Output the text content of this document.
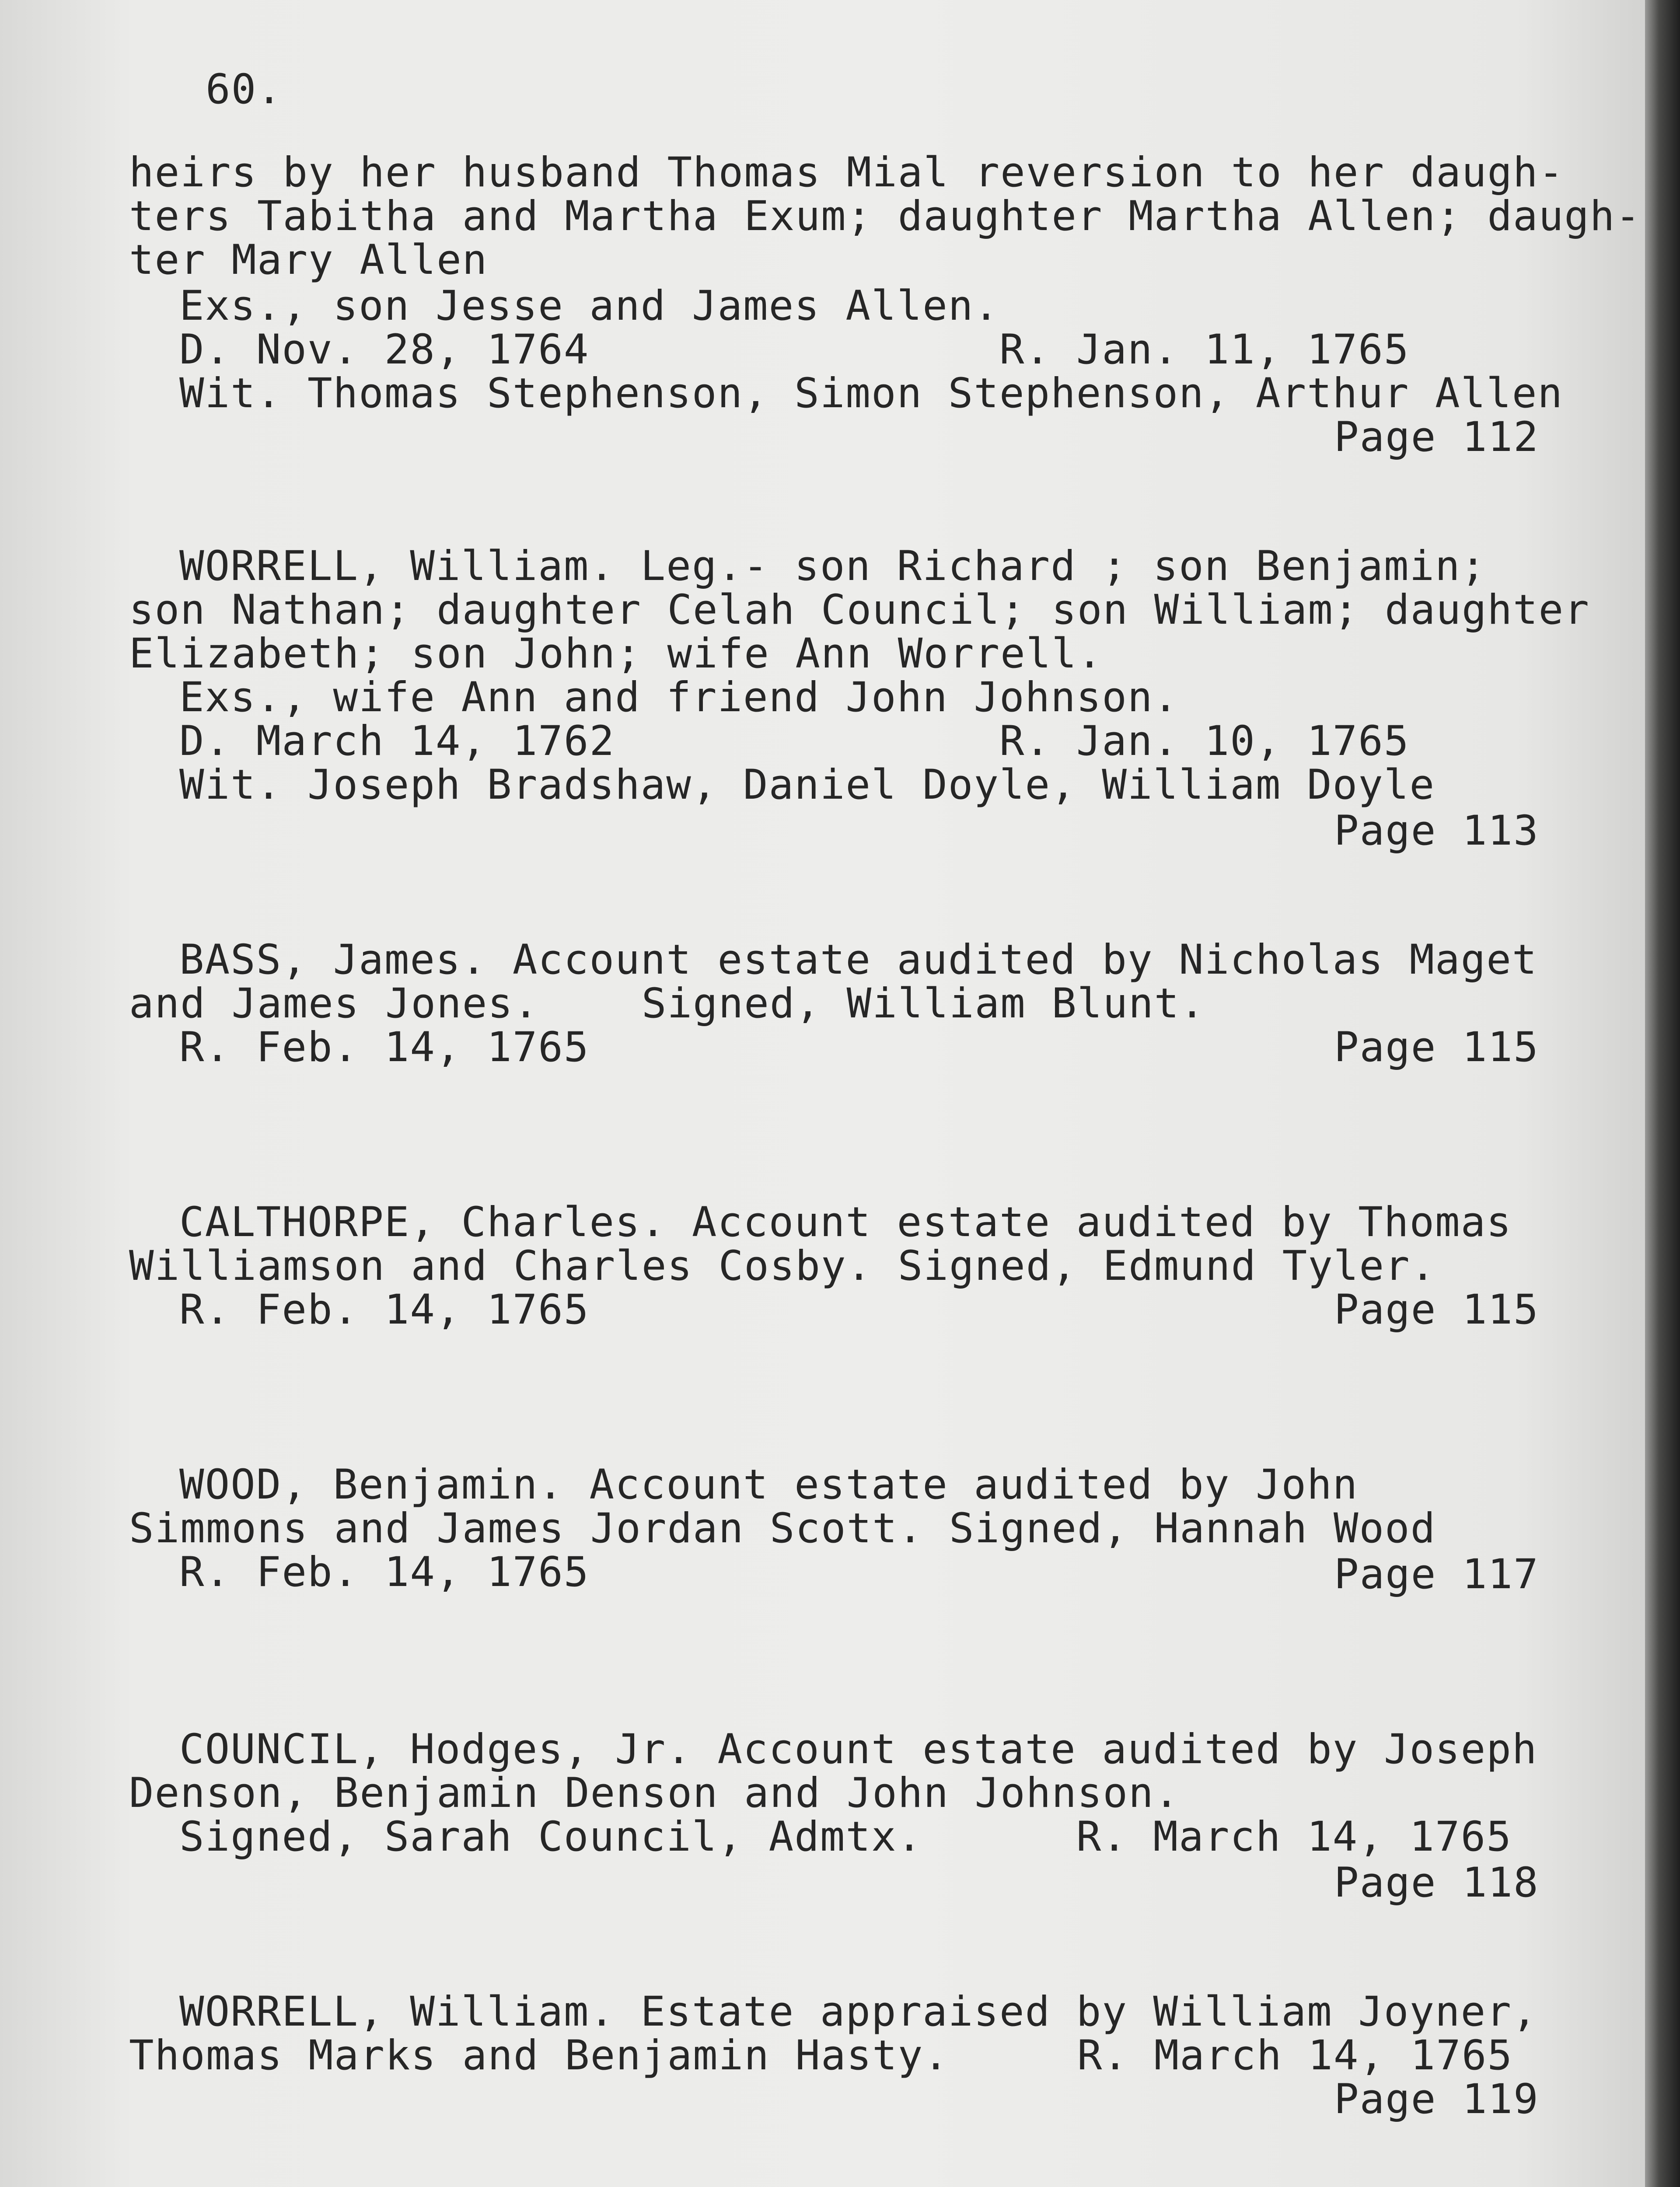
60.
heirs by her husband Thomas Mial reversion to her daugh-
ters Tabitha and Martha Exum; daughter Martha Allen; daugh-
ter Mary Allen
Exs., son Jesse and James Allen.
D. Nov. 28, 1764                R. Jan. 11, 1765
Wit. Thomas Stephenson, Simon Stephenson, Arthur Allen
Page 112
WORRELL, William. Leg.- son Richard ; son Benjamin;
son Nathan; daughter Celah Council; son William; daughter
Elizabeth; son John; wife Ann Worrell.
Exs., wife Ann and friend John Johnson.
D. March 14, 1762               R. Jan. 10, 1765
Wit. Joseph Bradshaw, Daniel Doyle, William Doyle
Page 113
BASS, James. Account estate audited by Nicholas Maget
and James Jones.    Signed, William Blunt.
R. Feb. 14, 1765	Page 115
CALTHORPE, Charles. Account estate audited by Thomas
Williamson and Charles Cosby. Signed, Edmund Tyler.
R. Feb. 14, 1765	Page 115
WOOD, Benjamin. Account estate audited by John
Simmons and James Jordan Scott. Signed, Hannah Wood
R. Feb. 14, 1765	Page 117
COUNCIL, Hodges, Jr. Account estate audited by Joseph
Denson, Benjamin Denson and John Johnson.
Signed, Sarah Council, Admtx.      R. March 14, 1765
Page 118
WORRELL, William. Estate appraised by William Joyner,
Thomas Marks and Benjamin Hasty.     R. March 14, 1765
Page 119
